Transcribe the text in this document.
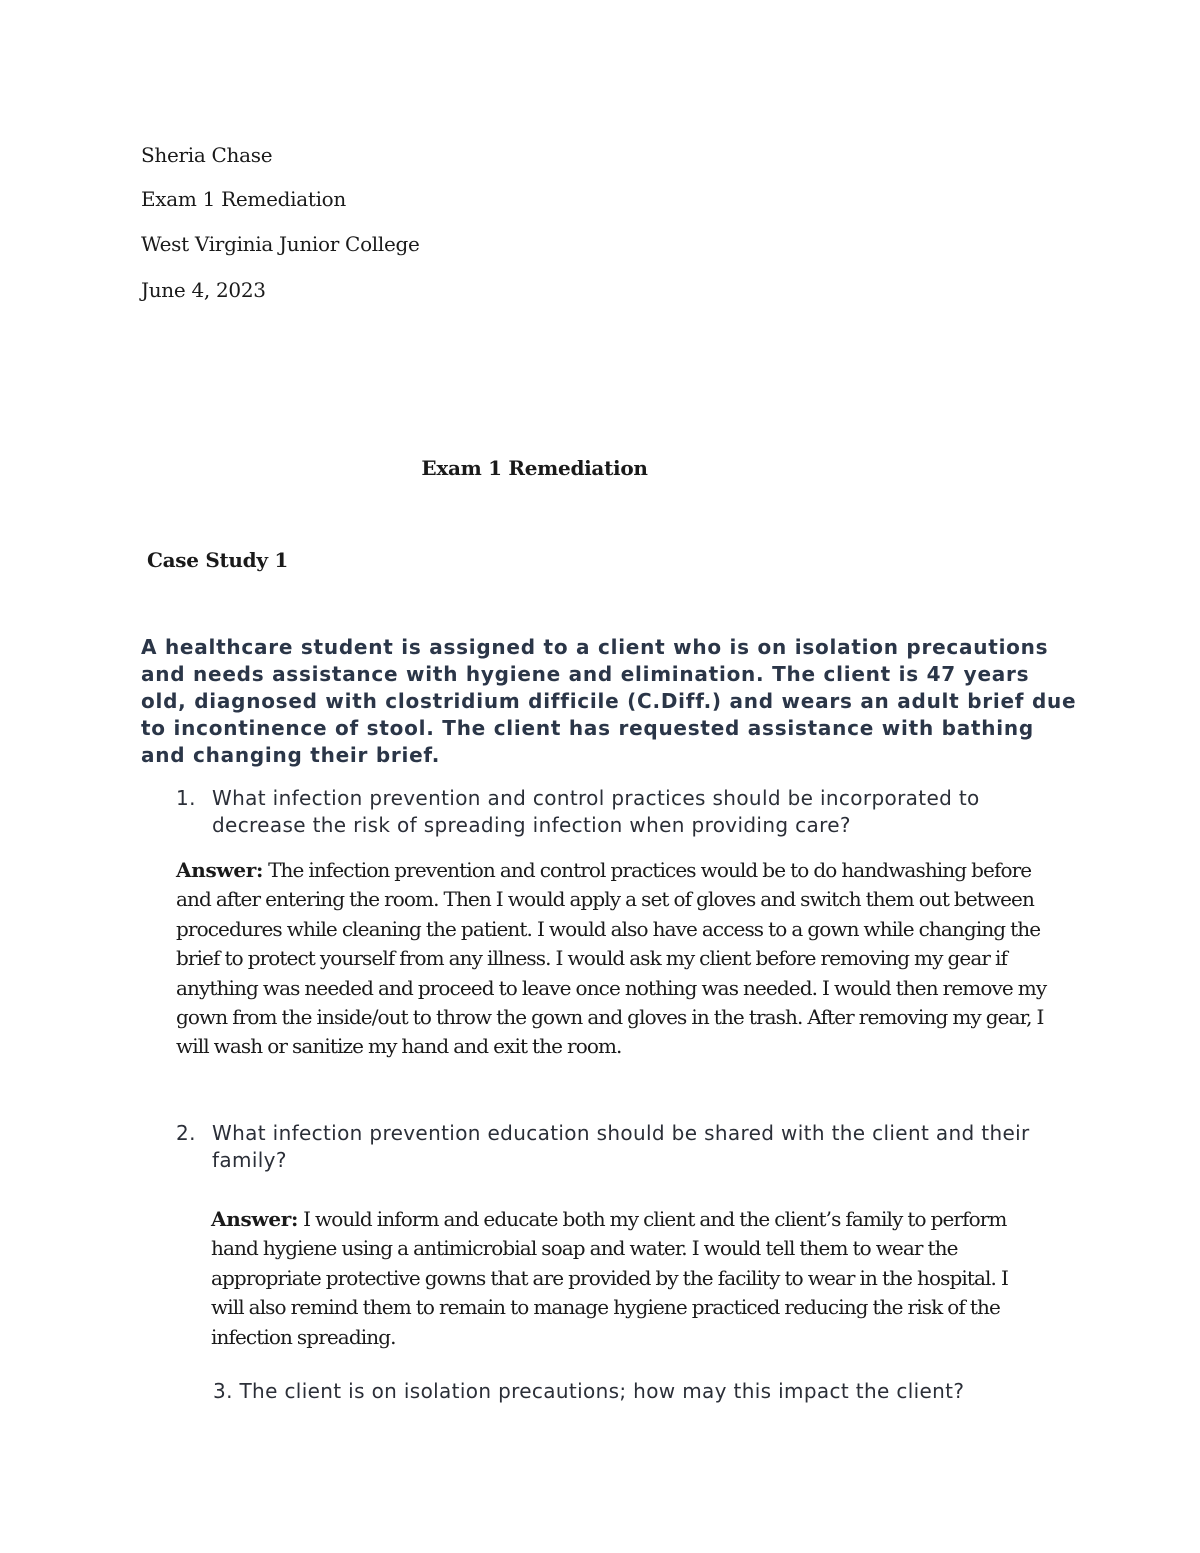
Sheria Chase
Exam 1 Remediation
West Virginia Junior College
June 4, 2023
Exam 1 Remediation
Case Study 1
A healthcare student is assigned to a client who is on isolation precautions and needs assistance with hygiene and elimination. The client is 47 years old, diagnosed with clostridium difficile (C.Diff.) and wears an adult brief due to incontinence of stool. The client has requested assistance with bathing and changing their brief.
1. What infection prevention and control practices should be incorporated to decrease the risk of spreading infection when providing care?
Answer: The infection prevention and control practices would be to do handwashing before and after entering the room. Then I would apply a set of gloves and switch them out between procedures while cleaning the patient. I would also have access to a gown while changing the brief to protect yourself from any illness. I would ask my client before removing my gear if anything was needed and proceed to leave once nothing was needed. I would then remove my gown from the inside/out to throw the gown and gloves in the trash. After removing my gear, I will wash or sanitize my hand and exit the room.
2. What infection prevention education should be shared with the client and their family?
Answer: I would inform and educate both my client and the client’s family to perform hand hygiene using a antimicrobial soap and water. I would tell them to wear the appropriate protective gowns that are provided by the facility to wear in the hospital. I will also remind them to remain to manage hygiene practiced reducing the risk of the infection spreading.
3. The client is on isolation precautions; how may this impact the client?
